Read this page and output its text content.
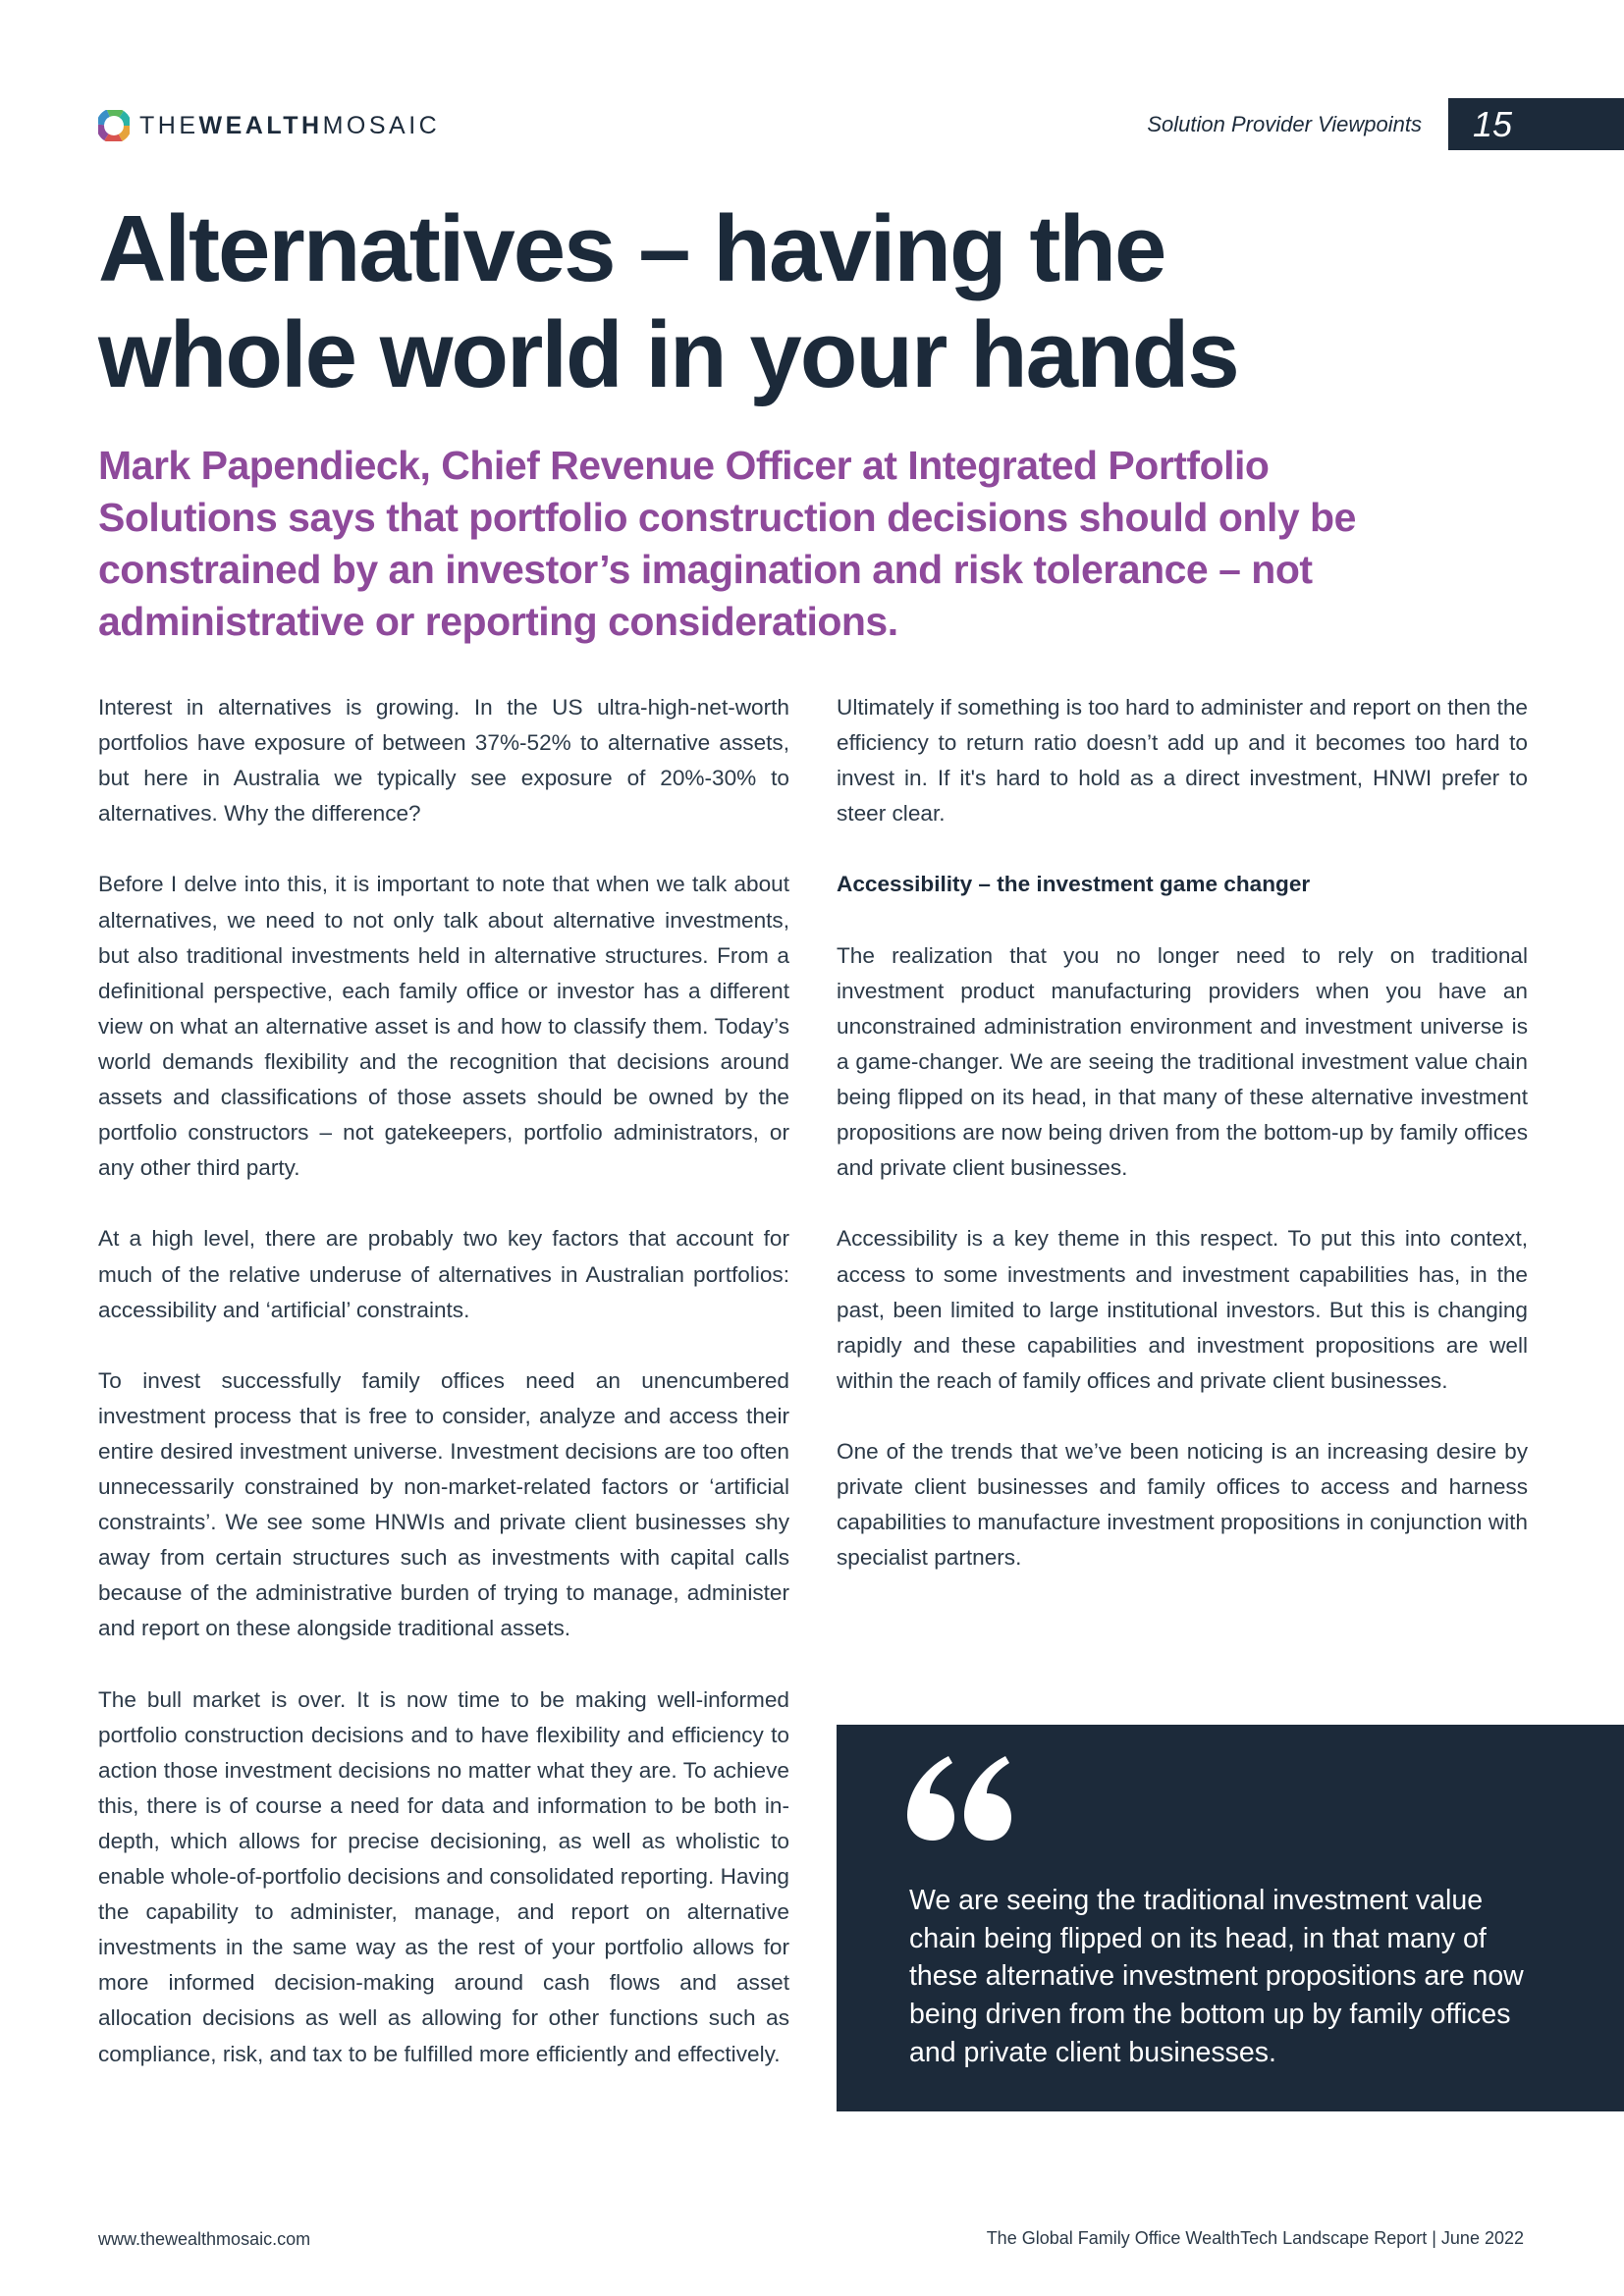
THEWEALTHMOSAIC	Solution Provider Viewpoints 15
Alternatives – having the whole world in your hands
Mark Papendieck, Chief Revenue Officer at Integrated Portfolio Solutions says that portfolio construction decisions should only be constrained by an investor’s imagination and risk tolerance – not administrative or reporting considerations.

Interest in alternatives is growing. In the US ultra-high-net-worth portfolios have exposure of between 37%-52% to alternative assets, but here in Australia we typically see exposure of 20%-30% to alternatives. Why the difference?

Before I delve into this, it is important to note that when we talk about alternatives, we need to not only talk about alternative investments, but also traditional investments held in alternative structures. From a definitional perspective, each family office or investor has a different view on what an alternative asset is and how to classify them. Today’s world demands flexibility and the recognition that decisions around assets and classifications of those assets should be owned by the portfolio constructors – not gatekeepers, portfolio administrators, or any other third party.

At a high level, there are probably two key factors that account for much of the relative underuse of alternatives in Australian portfolios: accessibility and ‘artificial’ constraints.

To invest successfully family offices need an unencumbered investment process that is free to consider, analyze and access their entire desired investment universe. Investment decisions are too often unnecessarily constrained by non-market-related factors or ‘artificial constraints’. We see some HNWIs and private client businesses shy away from certain structures such as investments with capital calls because of the administrative burden of trying to manage, administer and report on these alongside traditional assets.

The bull market is over. It is now time to be making well-informed portfolio construction decisions and to have flexibility and efficiency to action those investment decisions no matter what they are. To achieve this, there is of course a need for data and information to be both in-depth, which allows for precise decisioning, as well as wholistic to enable whole-of-portfolio decisions and consolidated reporting. Having the capability to administer, manage, and report on alternative investments in the same way as the rest of your portfolio allows for more informed decision-making around cash flows and asset allocation decisions as well as allowing for other functions such as compliance, risk, and tax to be fulfilled more efficiently and effectively.

Ultimately if something is too hard to administer and report on then the efficiency to return ratio doesn’t add up and it becomes too hard to invest in. If it's hard to hold as a direct investment, HNWI prefer to steer clear.

Accessibility – the investment game changer

The realization that you no longer need to rely on traditional investment product manufacturing providers when you have an unconstrained administration environment and investment universe is a game-changer. We are seeing the traditional investment value chain being flipped on its head, in that many of these alternative investment propositions are now being driven from the bottom-up by family offices and private client businesses.

Accessibility is a key theme in this respect. To put this into context, access to some investments and investment capabilities has, in the past, been limited to large institutional investors. But this is changing rapidly and these capabilities and investment propositions are well within the reach of family offices and private client businesses.

One of the trends that we’ve been noticing is an increasing desire by private client businesses and family offices to access and harness capabilities to manufacture investment propositions in conjunction with specialist partners.

We are seeing the traditional investment value chain being flipped on its head, in that many of these alternative investment propositions are now being driven from the bottom up by family offices and private client businesses.
www.thewealthmosaic.com	The Global Family Office WealthTech Landscape Report | June 2022
